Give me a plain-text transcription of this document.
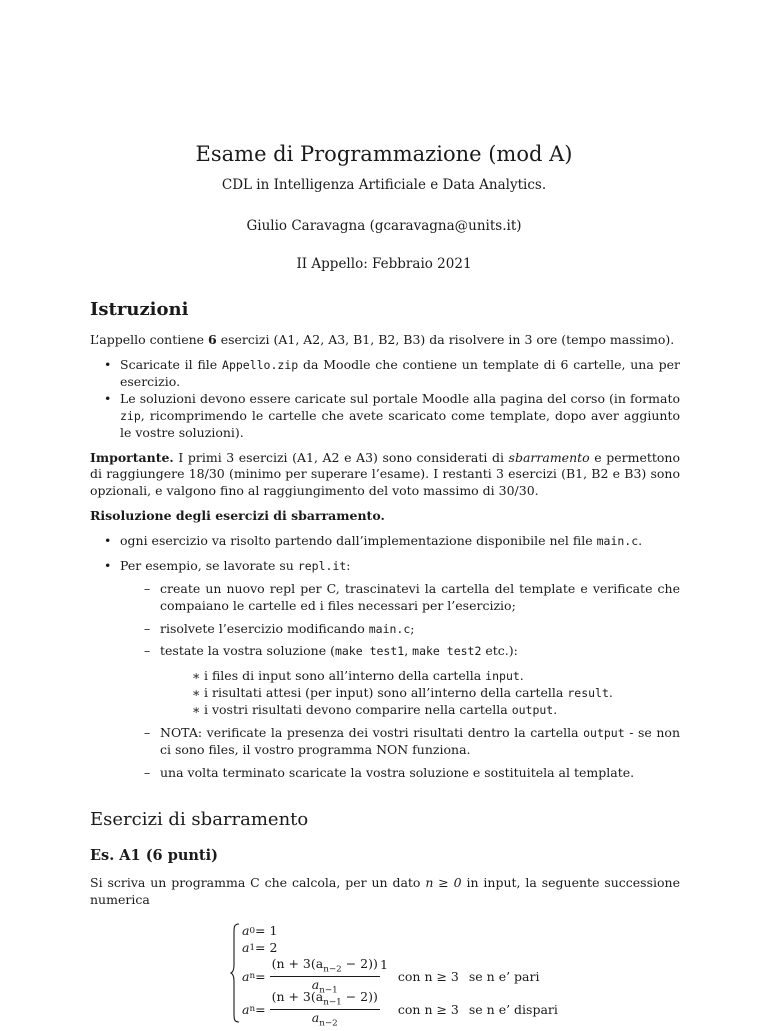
Esame di Programmazione (mod A)
CDL in Intelligenza Artificiale e Data Analytics.
Giulio Caravagna (gcaravagna@units.it)
II Appello: Febbraio 2021
Istruzioni

L’appello contiene 6 esercizi (A1, A2, A3, B1, B2, B3) da risolvere in 3 ore (tempo massimo).

• Scaricate il file Appello.zip da Moodle che contiene un template di 6 cartelle, una per esercizio.
• Le soluzioni devono essere caricate sul portale Moodle alla pagina del corso (in formato zip, ricomprimendo le cartelle che avete scaricato come template, dopo aver aggiunto le vostre soluzioni).

Importante. I primi 3 esercizi (A1, A2 e A3) sono considerati di sbarramento e permettono di raggiungere 18/30 (minimo per superare l’esame). I restanti 3 esercizi (B1, B2 e B3) sono opzionali, e valgono fino al raggiungimento del voto massimo di 30/30.

Risoluzione degli esercizi di sbarramento.

• ogni esercizio va risolto partendo dall’implementazione disponibile nel file main.c.
• Per esempio, se lavorate su repl.it:
– create un nuovo repl per C, trascinatevi la cartella del template e verificate che compaiano le cartelle ed i files necessari per l’esercizio;
– risolvete l’esercizio modificando main.c;
– testate la vostra soluzione (make test1, make test2 etc.):
∗ i files di input sono all’interno della cartella input.
∗ i risultati attesi (per input) sono all’interno della cartella result.
∗ i vostri risultati devono comparire nella cartella output.
– NOTA: verificate la presenza dei vostri risultati dentro la cartella output - se non ci sono files, il vostro programma NON funziona.
– una volta terminato scaricate la vostra soluzione e sostituitela al template.
Esercizi di sbarramento
Es. A1 (6 punti)

Si scriva un programma C che calcola, per un dato n ≥ 0 in input, la seguente successione numerica

a 0 = 1
a 1 = 2
a $n = \frac{(n + 3(a_{n-2} - 2))}{a_{n-1}}$ con n ≥ 3 se n e’ pari
a $n = \frac{(n + 3(a_{n-1} - 2))}{a_{n-2}}$ con n ≥ 3 se n e’ dispari
1
